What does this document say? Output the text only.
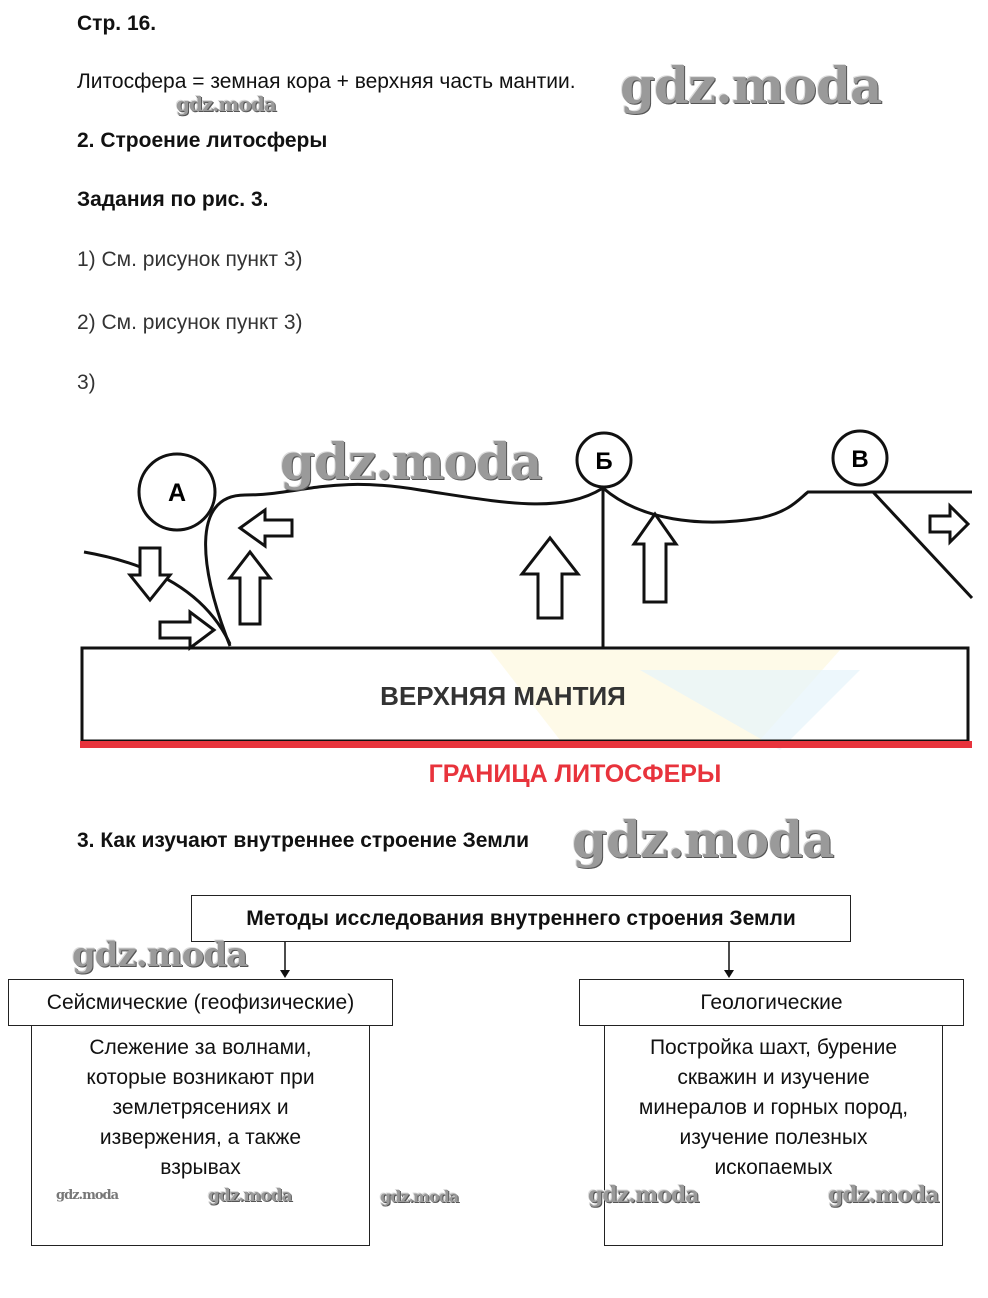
Стр. 16.
Литосфера = земная кора + верхняя часть мантии.
2. Строение литосферы
Задания по рис. 3.
1) См. рисунок пункт 3)
2) См. рисунок пункт 3)
3)
А
Б	В
ВЕРХНЯЯ МАНТИЯ
ГРАНИЦА ЛИТОСФЕРЫ
3. Как изучают внутреннее строение Земли
Методы исследования внутреннего строения Земли
Сейсмические (геофизические)
Слежение за волнами,
которые возникают при
землетрясениях и
извержения, а также
взрывах
Геологические
Постройка шахт, бурение
скважин и изучение
минералов и горных пород,
изучение полезных
ископаемых
gdz.moda
gdz.moda
gdz.moda
gdz.moda
gdz.moda
gdz.moda	gdz.moda	gdz.moda	gdz.moda	gdz.moda
